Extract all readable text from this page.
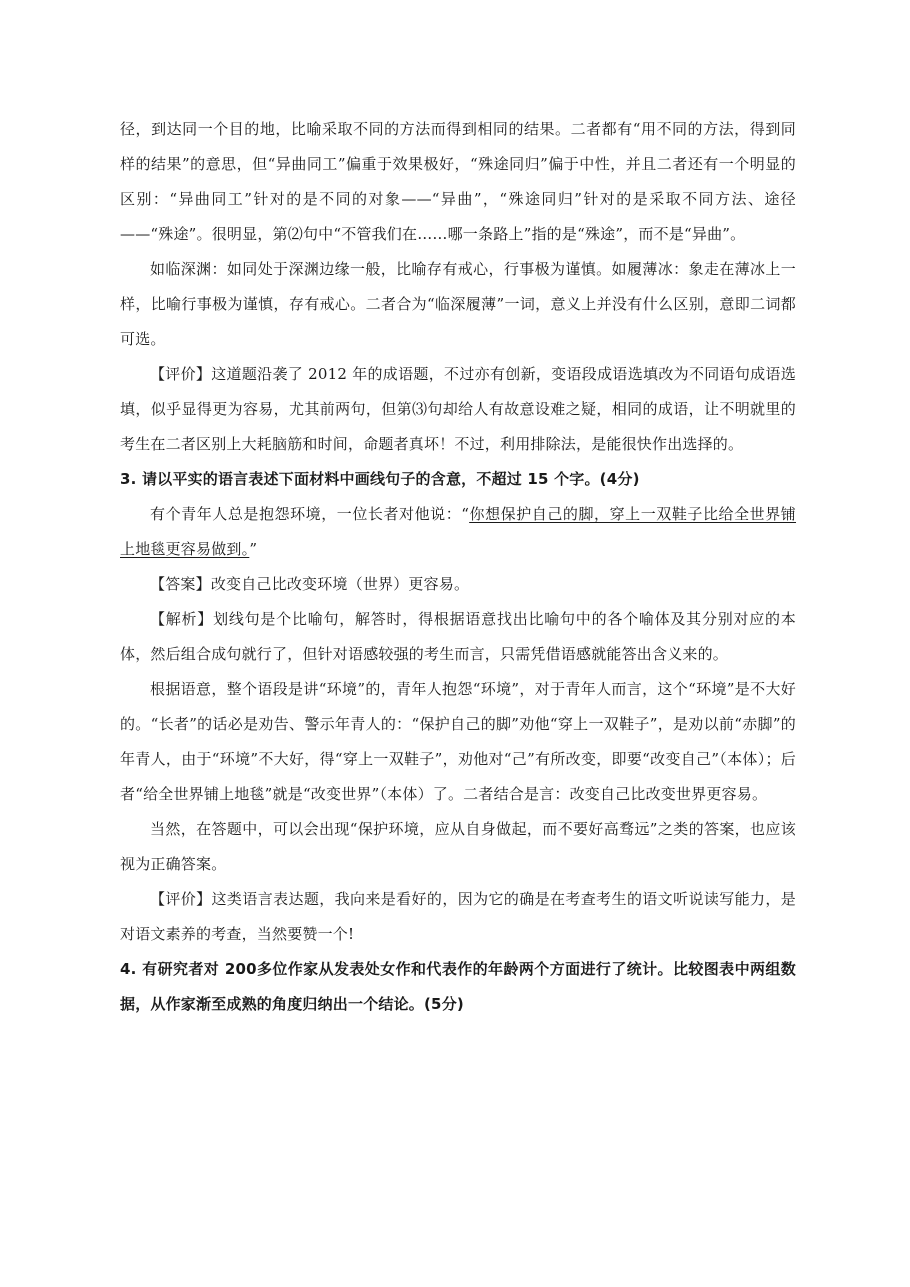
径，到达同一个目的地，比喻采取不同的方法而得到相同的结果。二者都有“用不同的方法，得到同样的结果”的意思，但“异曲同工”偏重于效果极好，“殊途同归”偏于中性，并且二者还有一个明显的区别：“异曲同工”针对的是不同的对象——“异曲”，“殊途同归”针对的是采取不同方法、途径——“殊途”。很明显，第⑵句中“不管我们在……哪一条路上”指的是“殊途”，而不是“异曲”。

如临深渊：如同处于深渊边缘一般，比喻存有戒心，行事极为谨慎。如履薄冰：象走在薄冰上一样，比喻行事极为谨慎，存有戒心。二者合为“临深履薄”一词，意义上并没有什么区别，意即二词都可选。

【评价】这道题沿袭了 2012 年的成语题，不过亦有创新，变语段成语选填改为不同语句成语选填，似乎显得更为容易，尤其前两句，但第⑶句却给人有故意设难之疑，相同的成语，让不明就里的考生在二者区别上大耗脑筋和时间，命题者真坏！不过，利用排除法，是能很快作出选择的。

3. 请以平实的语言表述下面材料中画线句子的含意，不超过 15 个字。(4分)

有个青年人总是抱怨环境，一位长者对他说：“你想保护自己的脚，穿上一双鞋子比给全世界铺上地毯更容易做到。”

【答案】改变自己比改变环境（世界）更容易。

【解析】划线句是个比喻句，解答时，得根据语意找出比喻句中的各个喻体及其分别对应的本体，然后组合成句就行了，但针对语感较强的考生而言，只需凭借语感就能答出含义来的。

根据语意，整个语段是讲“环境”的，青年人抱怨“环境”，对于青年人而言，这个“环境”是不大好的。“长者”的话必是劝告、警示年青人的：“保护自己的脚”劝他“穿上一双鞋子”，是劝以前“赤脚”的年青人，由于“环境”不大好，得“穿上一双鞋子”，劝他对“己”有所改变，即要“改变自己”（本体）；后者“给全世界铺上地毯”就是“改变世界”（本体）了。二者结合是言：改变自己比改变世界更容易。

当然，在答题中，可以会出现“保护环境，应从自身做起，而不要好高骛远”之类的答案，也应该视为正确答案。

【评价】这类语言表达题，我向来是看好的，因为它的确是在考查考生的语文听说读写能力，是对语文素养的考查，当然要赞一个!

4. 有研究者对 200多位作家从发表处女作和代表作的年龄两个方面进行了统计。比较图表中两组数据，从作家渐至成熟的角度归纳出一个结论。(5分)
